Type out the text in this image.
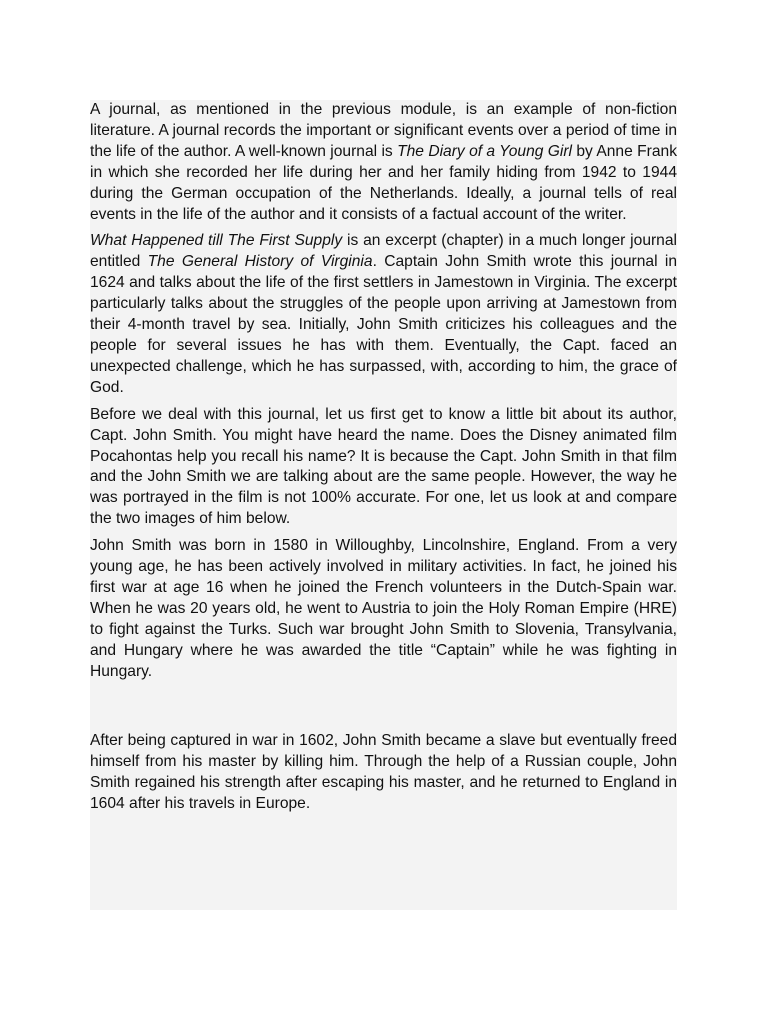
A journal, as mentioned in the previous module, is an example of non-fiction literature. A journal records the important or significant events over a period of time in the life of the author. A well-known journal is The Diary of a Young Girl by Anne Frank in which she recorded her life during her and her family hiding from 1942 to 1944 during the German occupation of the Netherlands. Ideally, a journal tells of real events in the life of the author and it consists of a factual account of the writer.

What Happened till The First Supply is an excerpt (chapter) in a much longer journal entitled The General History of Virginia. Captain John Smith wrote this journal in 1624 and talks about the life of the first settlers in Jamestown in Virginia. The excerpt particularly talks about the struggles of the people upon arriving at Jamestown from their 4-month travel by sea. Initially, John Smith criticizes his colleagues and the people for several issues he has with them. Eventually, the Capt. faced an unexpected challenge, which he has surpassed, with, according to him, the grace of God.

Before we deal with this journal, let us first get to know a little bit about its author, Capt. John Smith. You might have heard the name. Does the Disney animated film Pocahontas help you recall his name? It is because the Capt. John Smith in that film and the John Smith we are talking about are the same people. However, the way he was portrayed in the film is not 100% accurate. For one, let us look at and compare the two images of him below.

John Smith was born in 1580 in Willoughby, Lincolnshire, England. From a very young age, he has been actively involved in military activities. In fact, he joined his first war at age 16 when he joined the French volunteers in the Dutch-Spain war. When he was 20 years old, he went to Austria to join the Holy Roman Empire (HRE) to fight against the Turks. Such war brought John Smith to Slovenia, Transylvania, and Hungary where he was awarded the title “Captain” while he was fighting in Hungary.

After being captured in war in 1602, John Smith became a slave but eventually freed himself from his master by killing him. Through the help of a Russian couple, John Smith regained his strength after escaping his master, and he returned to England in 1604 after his travels in Europe.
